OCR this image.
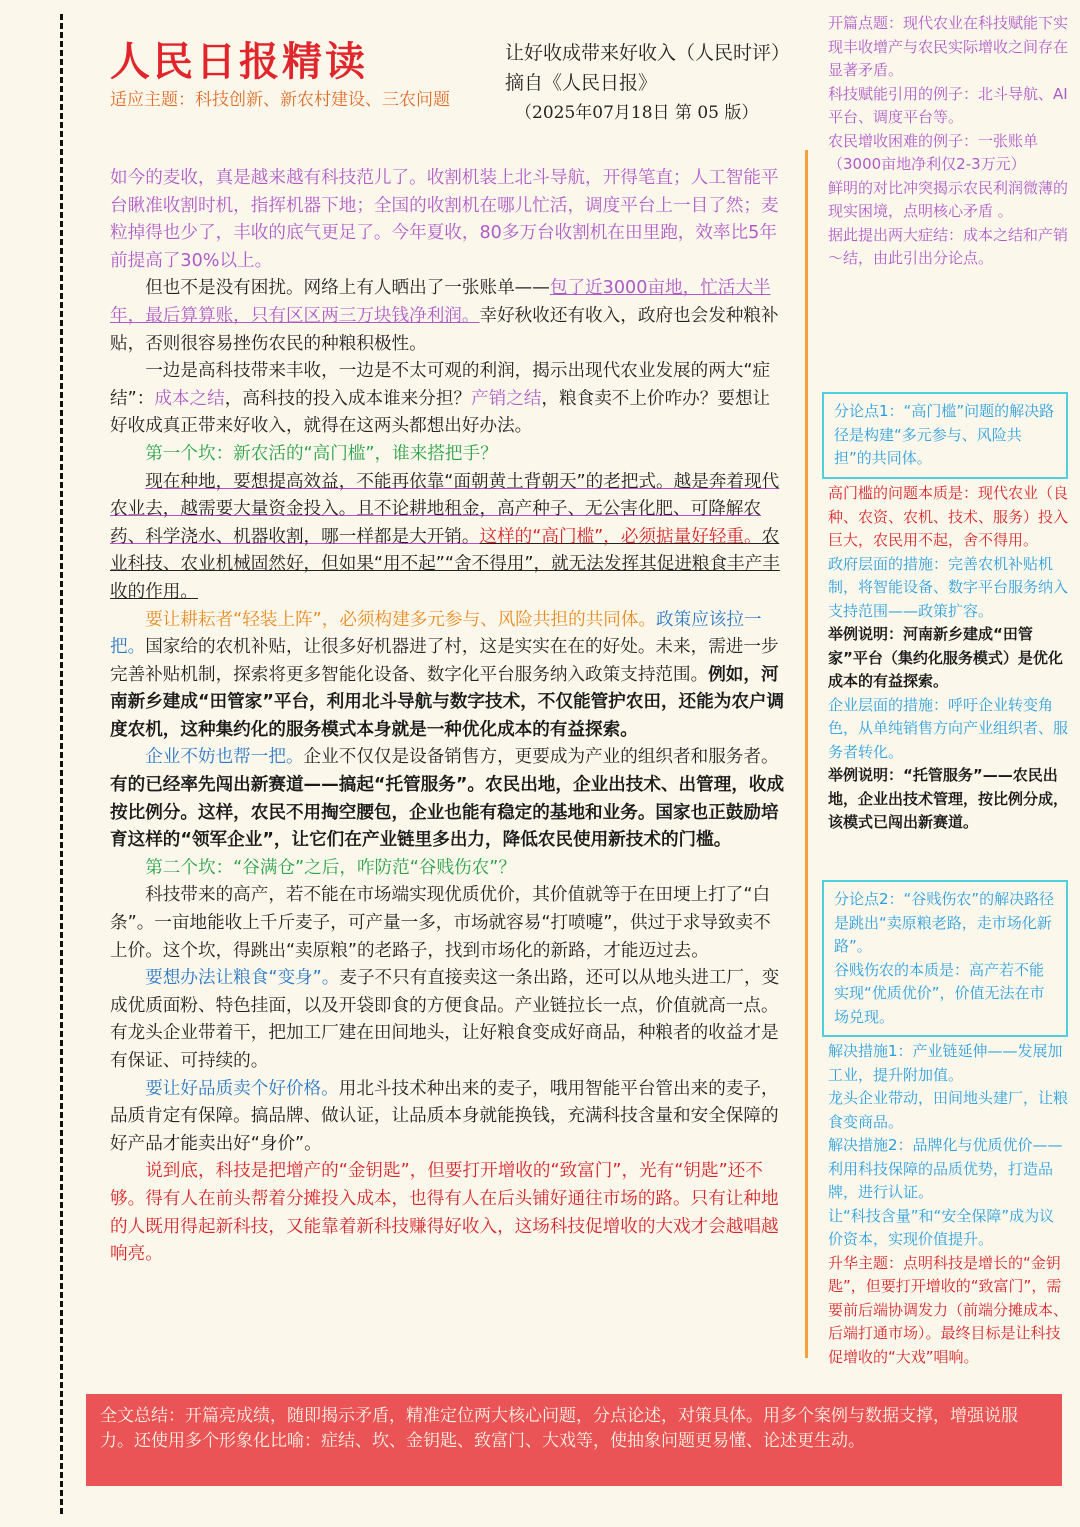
人民日报精读

适应主题：科技创新、新农村建设、三农问题

让好收成带来好收入（人民时评）
摘自《人民日报》
（2025年07月18日 第 05 版）

如今的麦收，真是越来越有科技范儿了。收割机装上北斗导航，开得笔直；人工智能平台瞅准收割时机，指挥机器下地；全国的收割机在哪儿忙活，调度平台上一目了然；麦粒掉得也少了，丰收的底气更足了。今年夏收，80多万台收割机在田里跑，效率比5年前提高了30%以上。

但也不是没有困扰。网络上有人晒出了一张账单——包了近3000亩地，忙活大半年，最后算算账，只有区区两三万块钱净利润。幸好秋收还有收入，政府也会发种粮补贴，否则很容易挫伤农民的种粮积极性。

一边是高科技带来丰收，一边是不太可观的利润，揭示出现代农业发展的两大“症结”：成本之结，高科技的投入成本谁来分担？产销之结，粮食卖不上价咋办？要想让好收成真正带来好收入，就得在这两头都想出好办法。

第一个坎：新农活的“高门槛”，谁来搭把手？

现在种地，要想提高效益，不能再依靠“面朝黄土背朝天”的老把式。越是奔着现代农业去，越需要大量资金投入。且不论耕地租金，高产种子、无公害化肥、可降解农药、科学浇水、机器收割，哪一样都是大开销。这样的“高门槛”，必须掂量好轻重。农业科技、农业机械固然好，但如果“用不起”“舍不得用”，就无法发挥其促进粮食丰产丰收的作用。

要让耕耘者“轻装上阵”，必须构建多元参与、风险共担的共同体。政策应该拉一把。国家给的农机补贴，让很多好机器进了村，这是实实在在的好处。未来，需进一步完善补贴机制，探索将更多智能化设备、数字化平台服务纳入政策支持范围。例如，河南新乡建成“田管家”平台，利用北斗导航与数字技术，不仅能管护农田，还能为农户调度农机，这种集约化的服务模式本身就是一种优化成本的有益探索。

企业不妨也帮一把。企业不仅仅是设备销售方，更要成为产业的组织者和服务者。有的已经率先闯出新赛道——搞起“托管服务”。农民出地，企业出技术、出管理，收成按比例分。这样，农民不用掏空腰包，企业也能有稳定的基地和业务。国家也正鼓励培育这样的“领军企业”，让它们在产业链里多出力，降低农民使用新技术的门槛。

第二个坎：“谷满仓”之后，咋防范“谷贱伤农”？

科技带来的高产，若不能在市场端实现优质优价，其价值就等于在田埂上打了“白条”。一亩地能收上千斤麦子，可产量一多，市场就容易“打喷嚏”，供过于求导致卖不上价。这个坎，得跳出“卖原粮”的老路子，找到市场化的新路，才能迈过去。

要想办法让粮食“变身”。麦子不只有直接卖这一条出路，还可以从地头进工厂，变成优质面粉、特色挂面，以及开袋即食的方便食品。产业链拉长一点，价值就高一点。有龙头企业带着干，把加工厂建在田间地头，让好粮食变成好商品，种粮者的收益才是有保证、可持续的。

要让好品质卖个好价格。用北斗技术种出来的麦子，哦用智能平台管出来的麦子，品质肯定有保障。搞品牌、做认证，让品质本身就能换钱，充满科技含量和安全保障的好产品才能卖出好“身价”。

说到底，科技是把增产的“金钥匙”，但要打开增收的“致富门”，光有“钥匙”还不够。得有人在前头帮着分摊投入成本，也得有人在后头铺好通往市场的路。只有让种地的人既用得起新科技，又能靠着新科技赚得好收入，这场科技促增收的大戏才会越唱越响亮。

开篇点题：现代农业在科技赋能下实现丰收增产与农民实际增收之间存在显著矛盾。
科技赋能引用的例子：北斗导航、AI平台、调度平台等。
农民增收困难的例子：一张账单（3000亩地净利仅2-3万元）
鲜明的对比冲突揭示农民利润微薄的现实困境，点明核心矛盾 。
据此提出两大症结：成本之结和产销～结，由此引出分论点。
分论点1：“高门槛”问题的解决路径是构建“多元参与、风险共担”的共同体。
高门槛的问题本质是：现代农业（良种、农资、农机、技术、服务）投入巨大，农民用不起，舍不得用。
政府层面的措施：完善农机补贴机制，将智能设备、数字平台服务纳入支持范围——政策扩容。
举例说明：河南新乡建成“田管家”平台（集约化服务模式）是优化成本的有益探索。
企业层面的措施：呼吁企业转变角色，从单纯销售方向产业组织者、服务者转化。
举例说明：“托管服务”——农民出地，企业出技术管理，按比例分成，该模式已闯出新赛道。
分论点2：“谷贱伤农”的解决路径是跳出“卖原粮老路，走市场化新路”。
谷贱伤农的本质是：高产若不能实现“优质优价”，价值无法在市场兑现。
解决措施1：产业链延伸——发展加工业，提升附加值。
龙头企业带动，田间地头建厂，让粮食变商品。
解决措施2：品牌化与优质优价——利用科技保障的品质优势，打造品牌，进行认证。
让“科技含量”和“安全保障”成为议价资本，实现价值提升。
升华主题：点明科技是增长的“金钥匙”，但要打开增收的“致富门”，需要前后端协调发力（前端分摊成本、后端打通市场）。最终目标是让科技促增收的“大戏”唱响。
全文总结：开篇亮成绩，随即揭示矛盾，精准定位两大核心问题，分点论述，对策具体。用多个案例与数据支撑，增强说服力。还使用多个形象化比喻：症结、坎、金钥匙、致富门、大戏等，使抽象问题更易懂、论述更生动。
